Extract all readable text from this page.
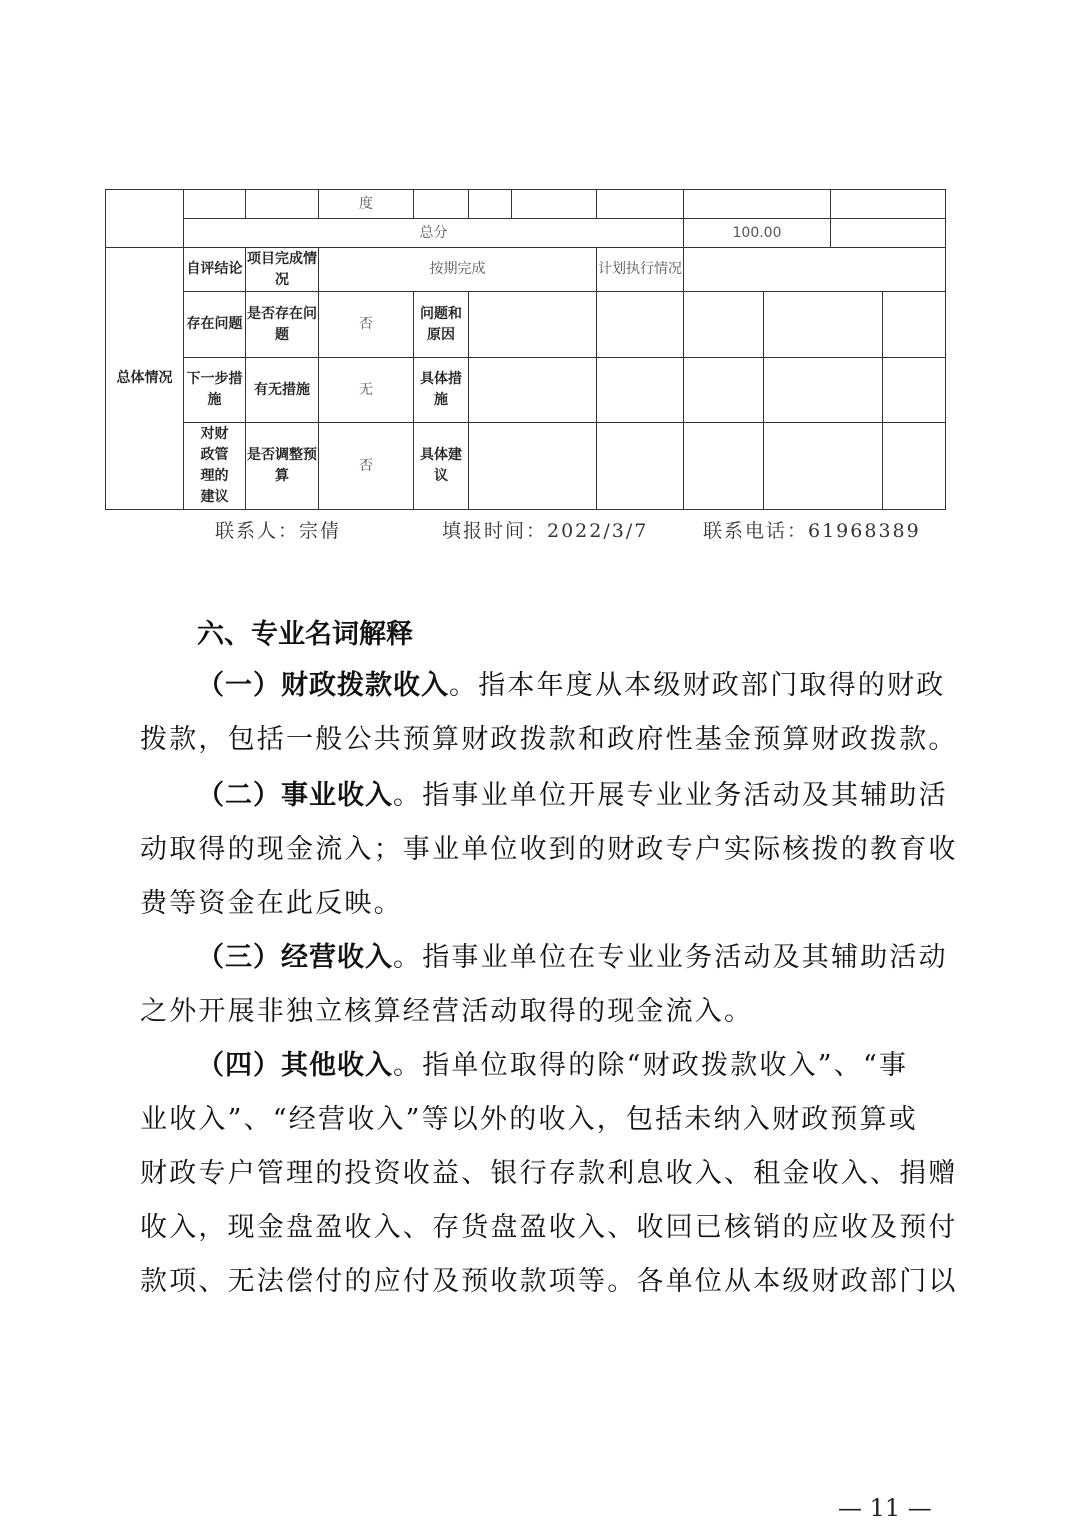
			度								
	总分							100.00			
总体情况	自评结论	项目完成情况	按期完成				计划执行情况				
	存在问题	是否存在问题	否	问题和原因							
	下一步措施	有无措施	无	具体措施							
	对财政管理的建议	是否调整预算	否	具体建议							
联系人：宗倩	填报时间：2022/3/7	联系电话：61968389
六、专业名词解释
（一）财政拨款收入。指本年度从本级财政部门取得的财政
拨款，包括一般公共预算财政拨款和政府性基金预算财政拨款。
（二）事业收入。指事业单位开展专业业务活动及其辅助活
动取得的现金流入；事业单位收到的财政专户实际核拨的教育收
费等资金在此反映。
（三）经营收入。指事业单位在专业业务活动及其辅助活动
之外开展非独立核算经营活动取得的现金流入。
（四）其他收入。指单位取得的除“财政拨款收入”、“事
业收入”、“经营收入”等以外的收入，包括未纳入财政预算或
财政专户管理的投资收益、银行存款利息收入、租金收入、捐赠
收入，现金盘盈收入、存货盘盈收入、收回已核销的应收及预付
款项、无法偿付的应付及预收款项等。各单位从本级财政部门以
— 11 —
